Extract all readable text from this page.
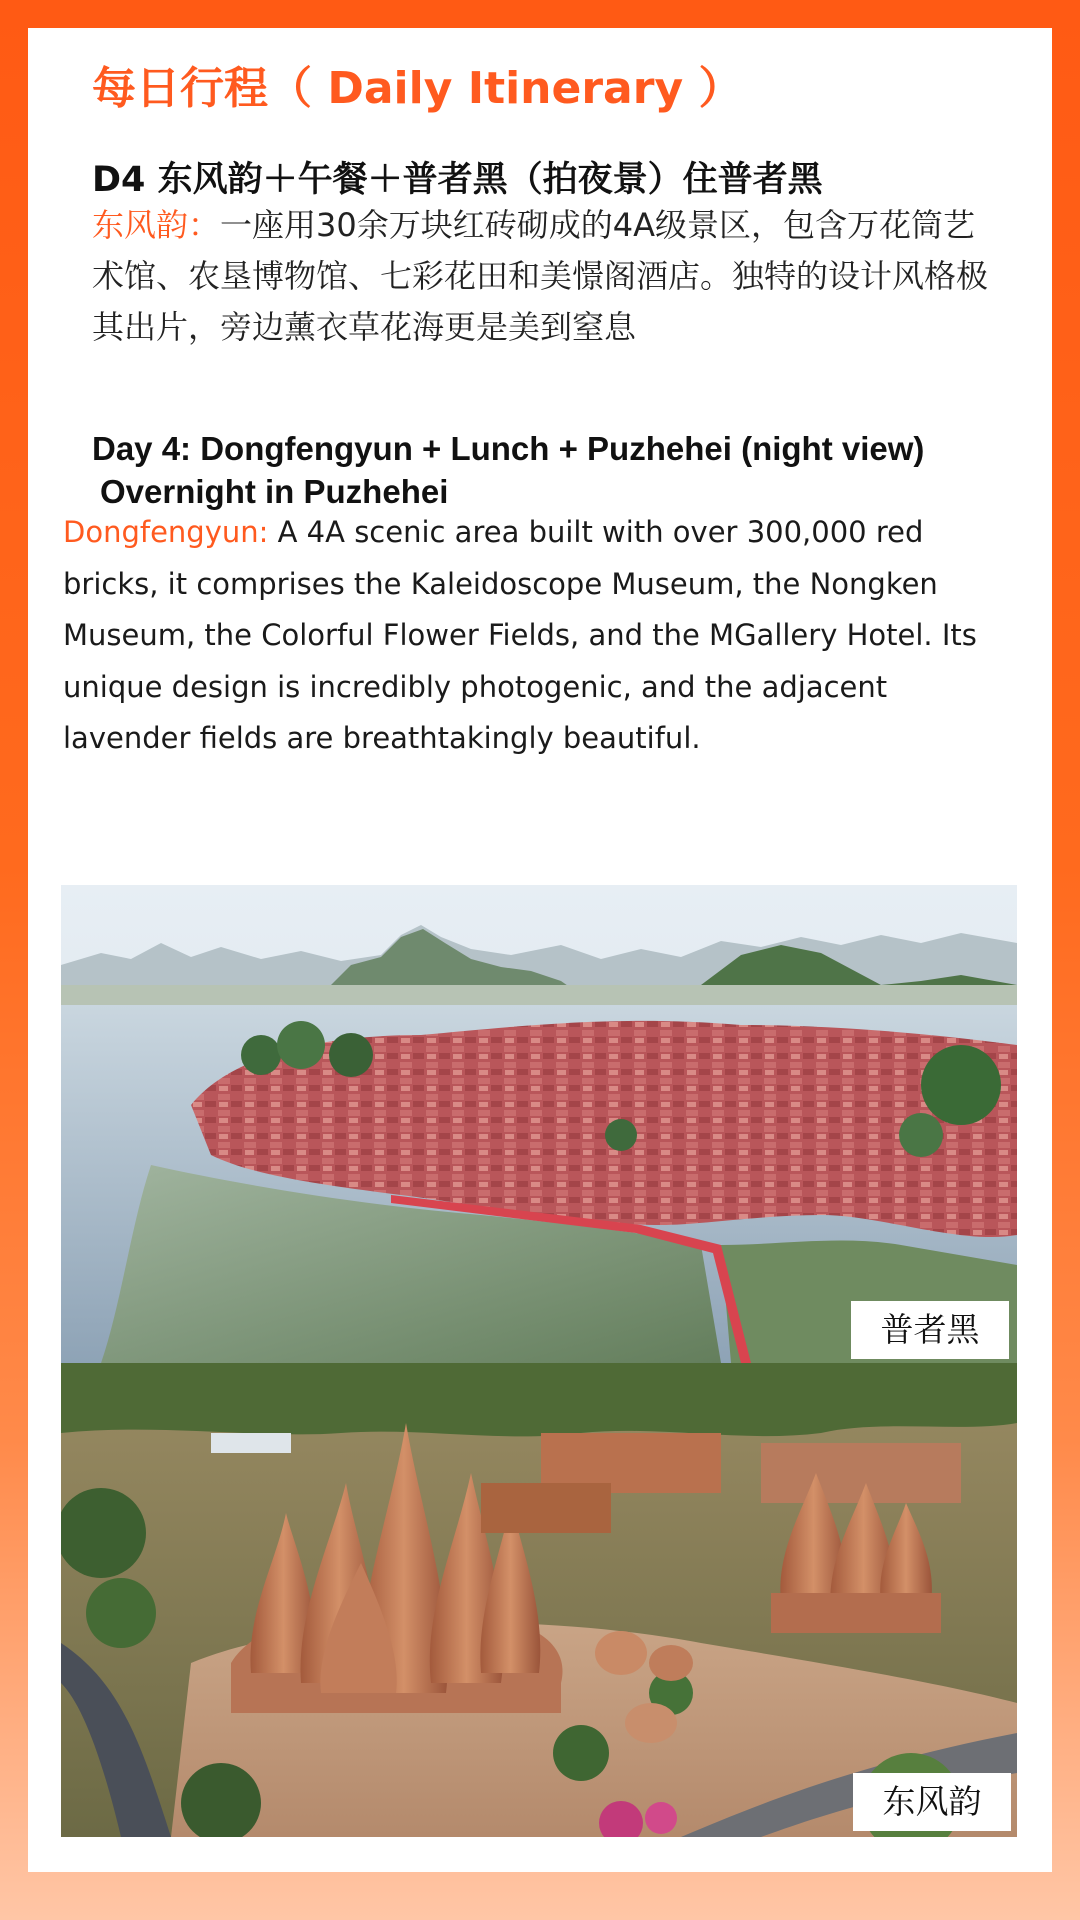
每日行程（ Daily Itinerary ）
D4 东风韵＋午餐＋普者黑（拍夜景）住普者黑
东风韵：一座用30余万块红砖砌成的4A级景区，包含万花筒艺术馆、农垦博物馆、七彩花田和美憬阁酒店。独特的设计风格极其出片，旁边薰衣草花海更是美到窒息
Day 4: Dongfengyun + Lunch + Puzhehei (night view)
Overnight in Puzhehei
Dongfengyun: A 4A scenic area built with over 300,000 red bricks, it comprises the Kaleidoscope Museum, the Nongken Museum, the Colorful Flower Fields, and the MGallery Hotel. Its unique design is incredibly photogenic, and the adjacent lavender fields are breathtakingly beautiful.
普者黑
东风韵
